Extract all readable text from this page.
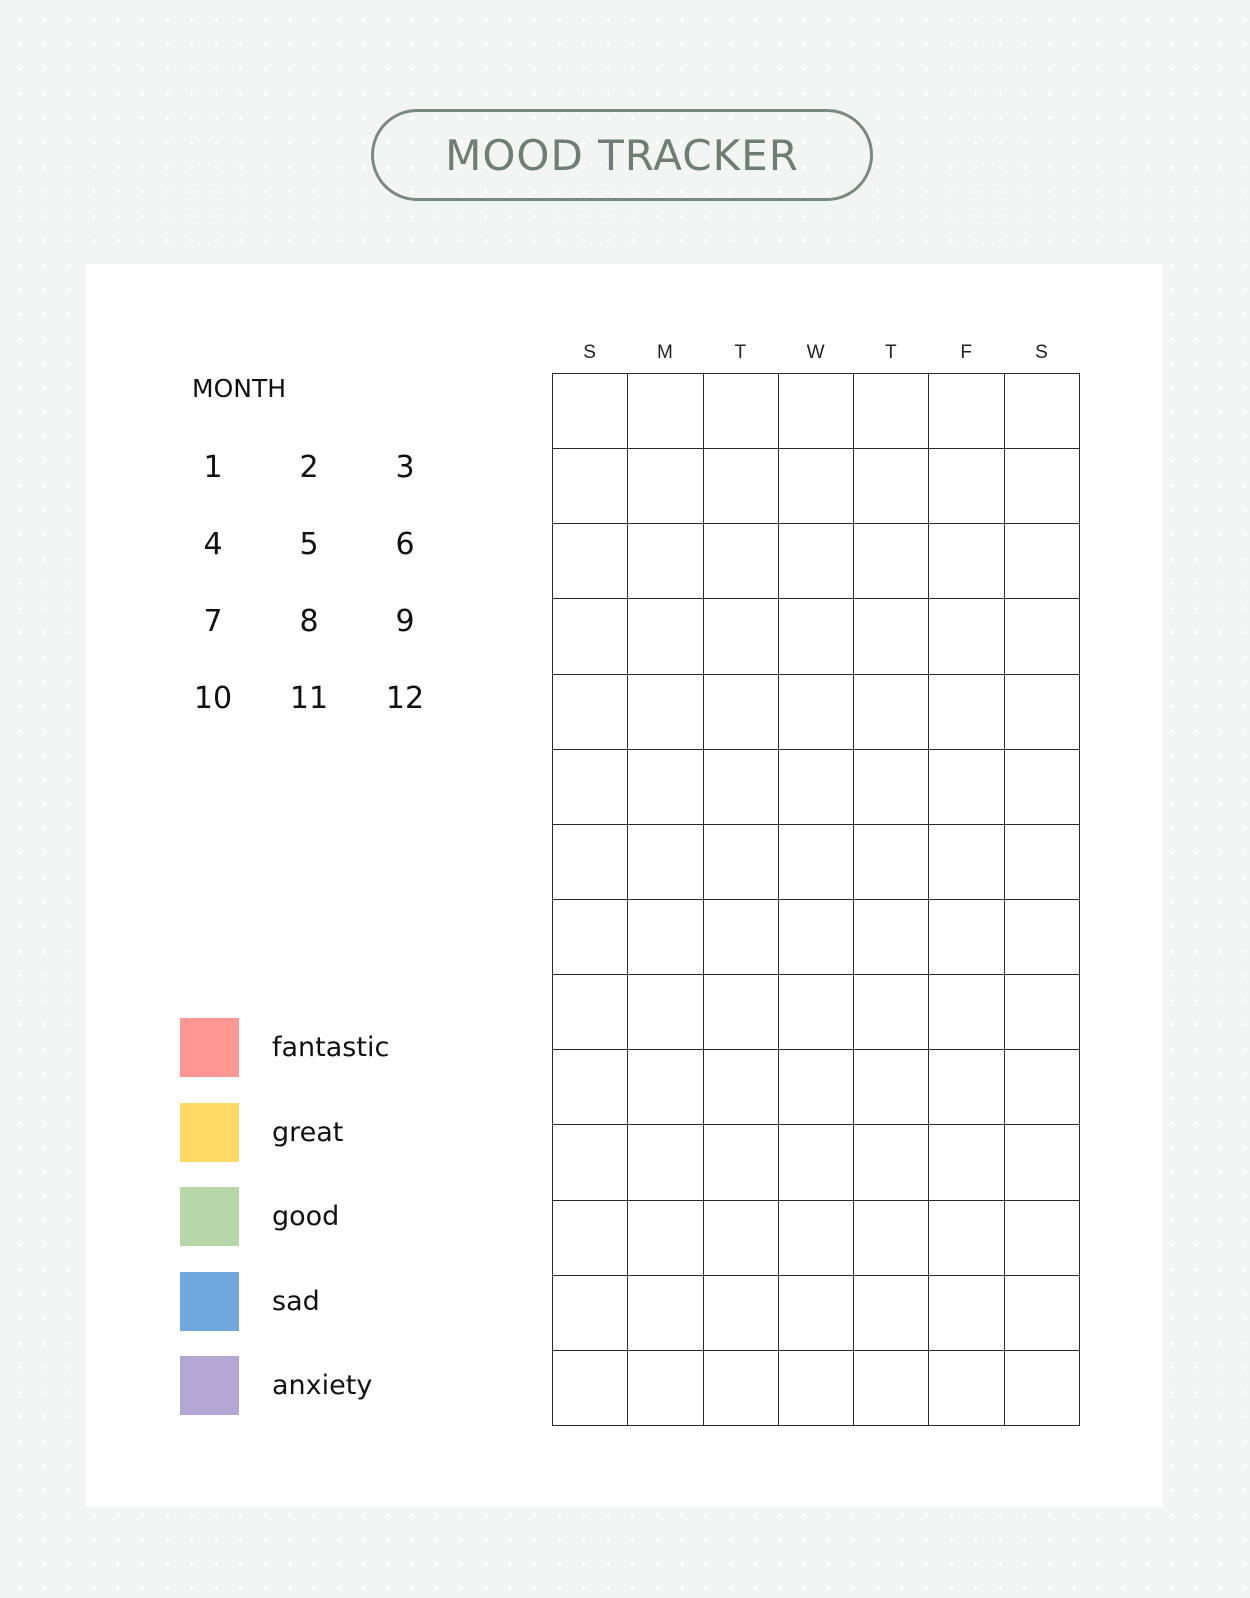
MOOD TRACKER
MONTH
1	2	3
4	5	6
7	8	9
10	11	12
fantastic
great
good
sad
anxiety
S	M	T	W	T	F	S
